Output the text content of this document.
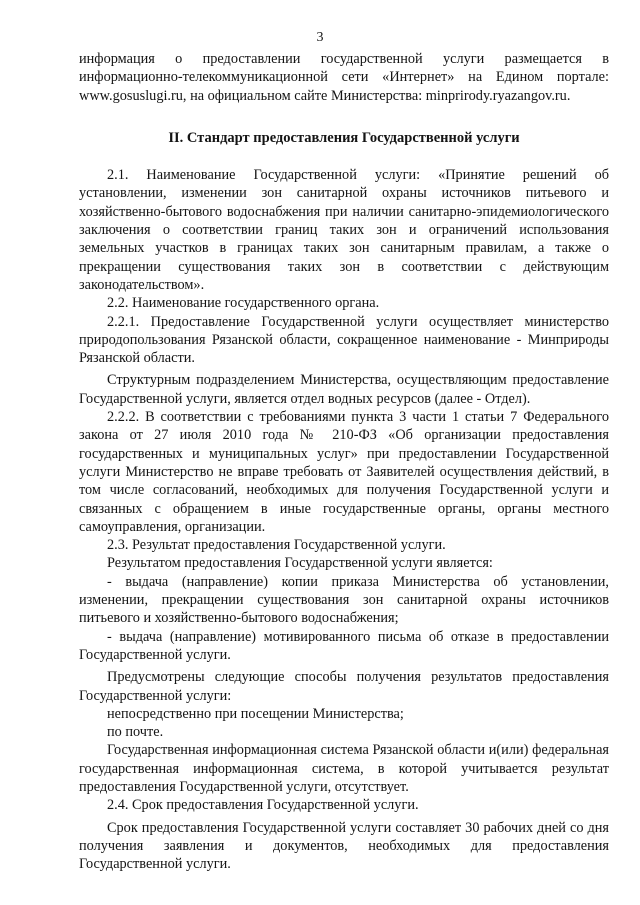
3

информация о предоставлении государственной услуги размещается в информационно-телекоммуникационной сети «Интернет» на Едином портале: www.gosuslugi.ru, на официальном сайте Министерства: minprirody.ryazangov.ru.

II. Стандарт предоставления Государственной услуги

2.1. Наименование Государственной услуги: «Принятие решений об установлении, изменении зон санитарной охраны источников питьевого и хозяйственно-бытового водоснабжения при наличии санитарно-эпидемиологического заключения о соответствии границ таких зон и ограничений использования земельных участков в границах таких зон санитарным правилам, а также о прекращении существования таких зон в соответствии с действующим законодательством».

2.2. Наименование государственного органа.

2.2.1. Предоставление Государственной услуги осуществляет министерство природопользования Рязанской области, сокращенное наименование - Минприроды Рязанской области.

Структурным подразделением Министерства, осуществляющим предоставление Государственной услуги, является отдел водных ресурсов (далее - Отдел).

2.2.2. В соответствии с требованиями пункта 3 части 1 статьи 7 Федерального закона от 27 июля 2010 года № 210-ФЗ «Об организации предоставления государственных и муниципальных услуг» при предоставлении Государственной услуги Министерство не вправе требовать от Заявителей осуществления действий, в том числе согласований, необходимых для получения Государственной услуги и связанных с обращением в иные государственные органы, органы местного самоуправления, организации.

2.3. Результат предоставления Государственной услуги.

Результатом предоставления Государственной услуги является:

- выдача (направление) копии приказа Министерства об установлении, изменении, прекращении существования зон санитарной охраны источников питьевого и хозяйственно-бытового водоснабжения;

- выдача (направление) мотивированного письма об отказе в предоставлении Государственной услуги.

Предусмотрены следующие способы получения результатов предоставления Государственной услуги:

непосредственно при посещении Министерства;

по почте.

Государственная информационная система Рязанской области и(или) федеральная государственная информационная система, в которой учитывается результат предоставления Государственной услуги, отсутствует.

2.4. Срок предоставления Государственной услуги.

Срок предоставления Государственной услуги составляет 30 рабочих дней со дня получения заявления и документов, необходимых для предоставления Государственной услуги.
